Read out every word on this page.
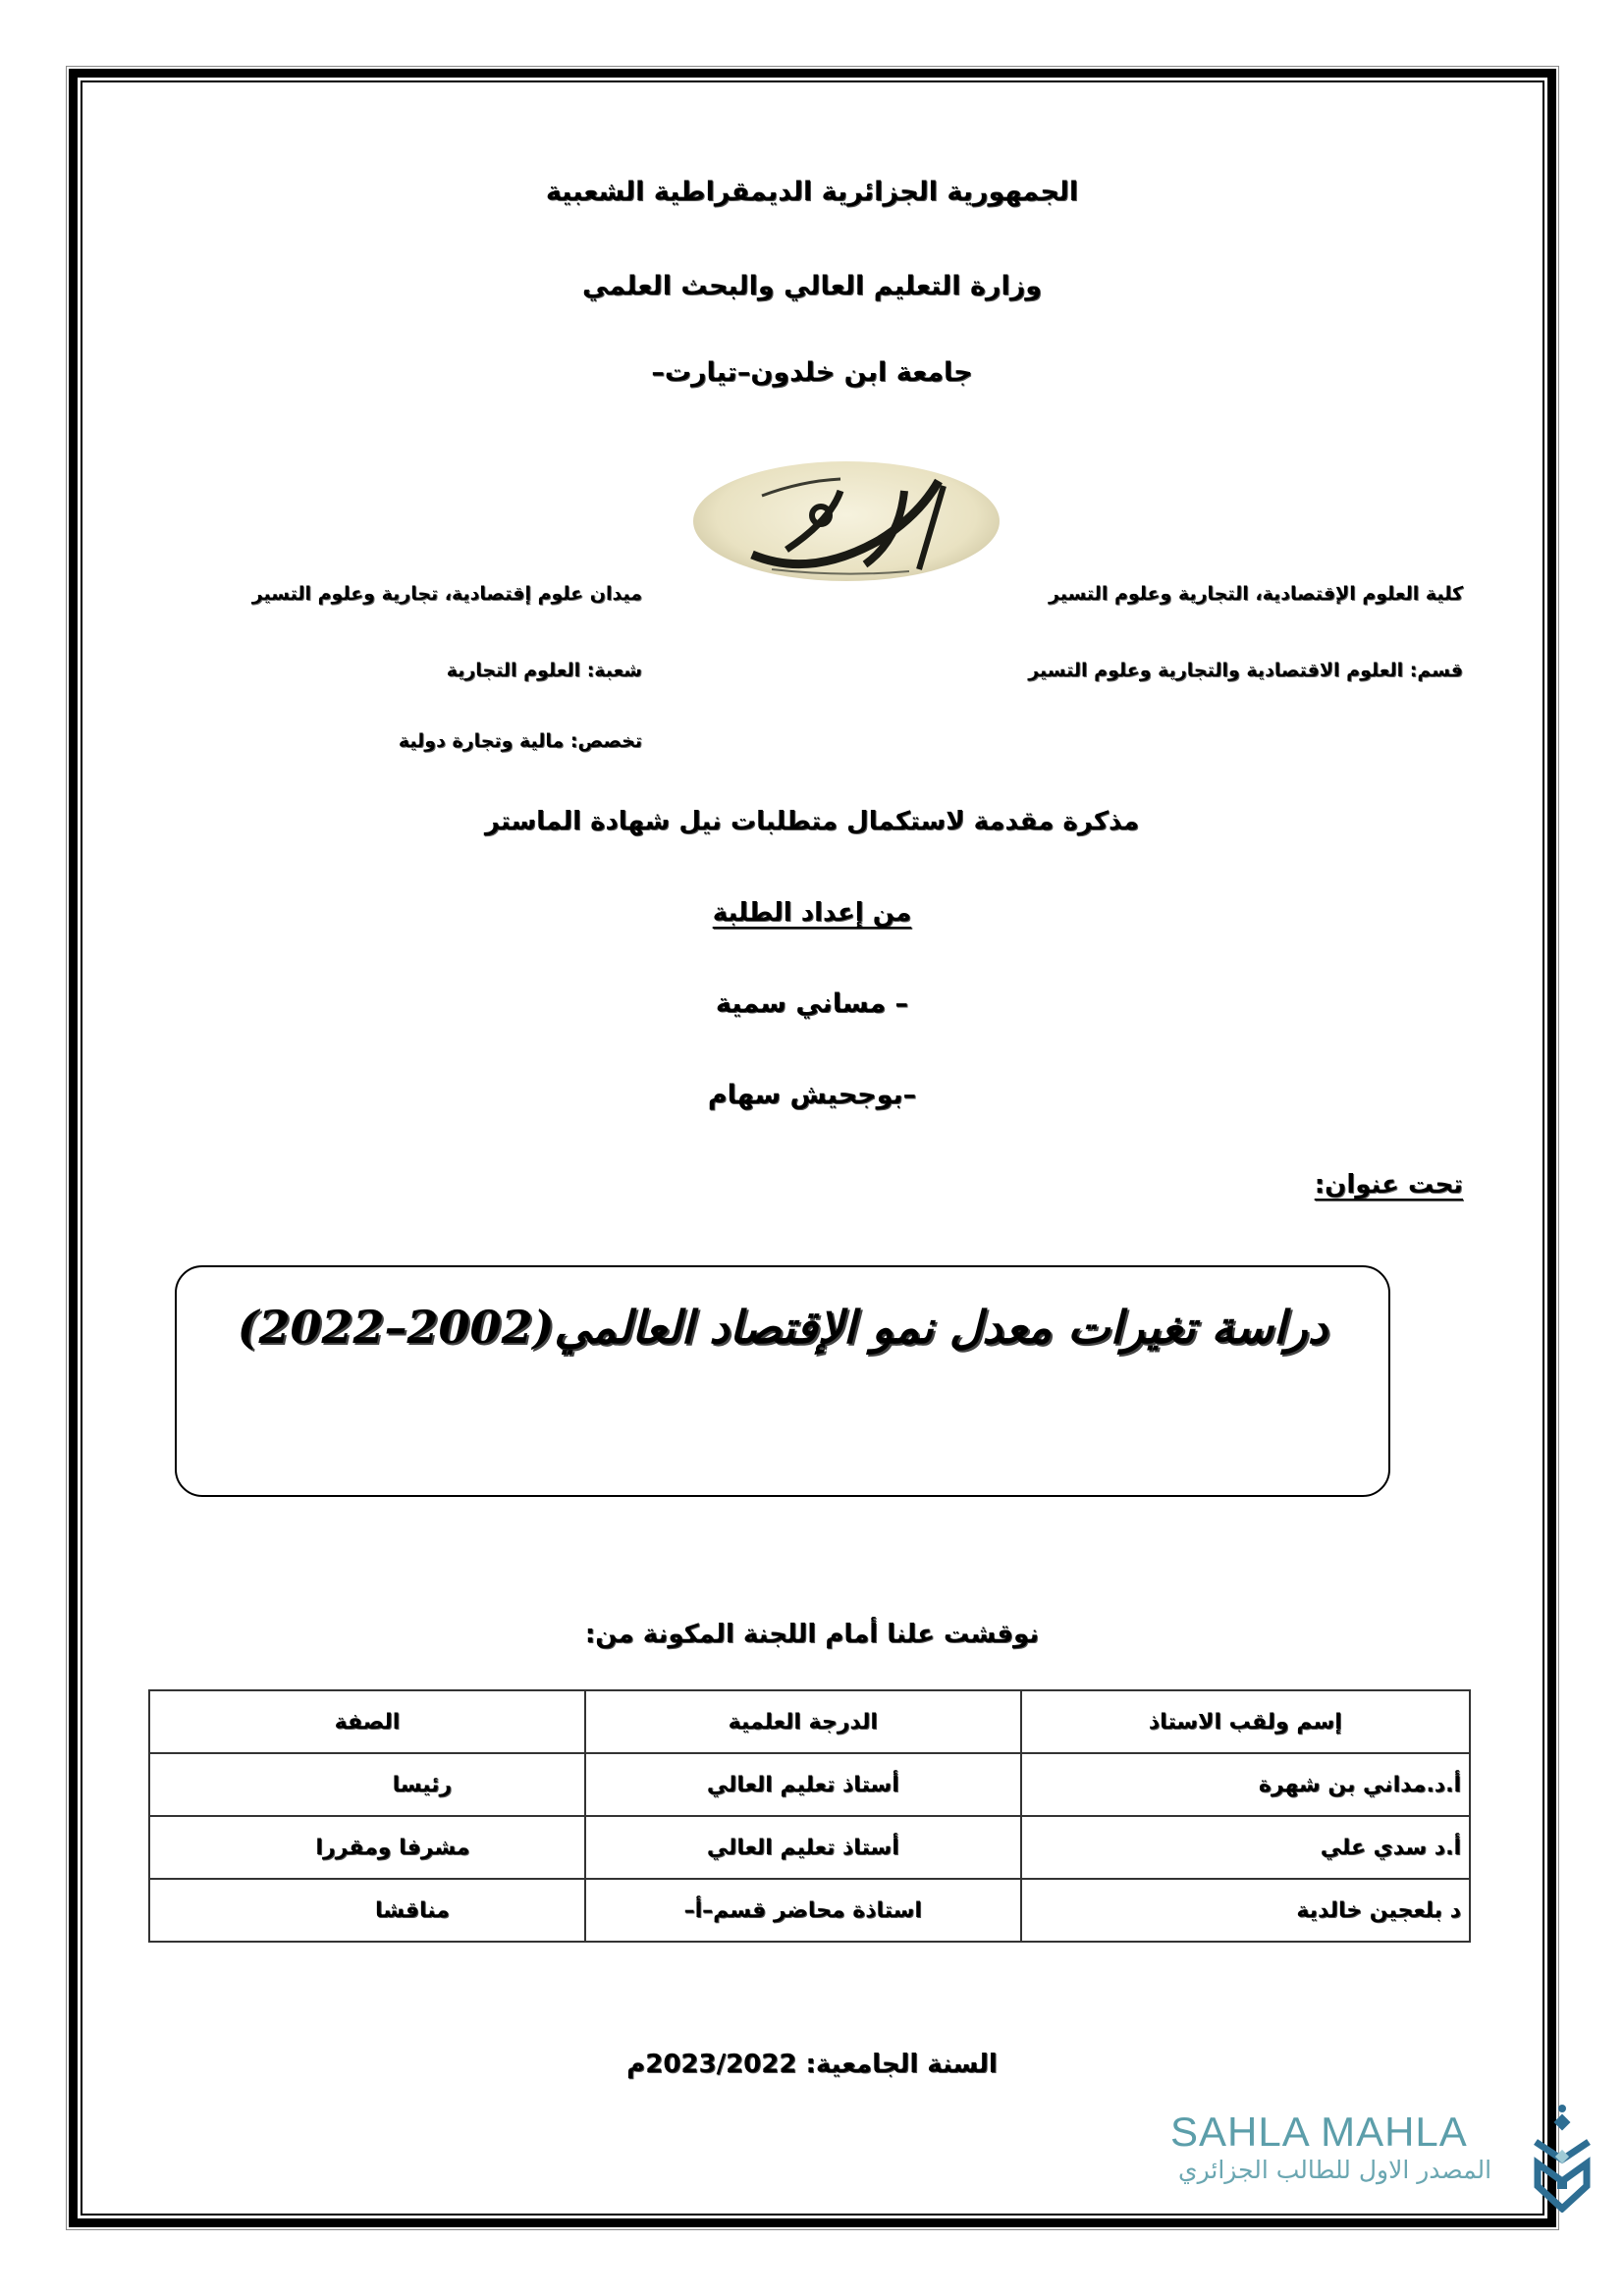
الجمهورية الجزائرية الديمقراطية الشعبية
وزارة التعليم العالي والبحث العلمي
جامعة ابن خلدون–تيارت–
كلية العلوم الإقتصادية، التجارية وعلوم التسير
ميدان علوم إقتصادية، تجارية وعلوم التسير
قسم: العلوم الاقتصادية والتجارية وعلوم التسير
شعبة: العلوم التجارية
تخصص: مالية وتجارة دولية
مذكرة مقدمة لاستكمال متطلبات نيل شهادة الماستر
من إعداد الطلبة
– مساني سمية
–بوجحيش سهام
تحت عنوان:
دراسة تغيرات معدل نمو الإقتصاد العالمي(2002–2022)
نوقشت علنا أمام اللجنة المكونة من:
إسم ولقب الاستاذ	الدرجة العلمية	الصفة
أ.د.مداني بن شهرة	أستاذ تعليم العالي	رئيسا
أ.د سدي علي	أستاذ تعليم العالي	مشرفا ومقررا
د بلعجين خالدية	استاذة محاضر قسم–أ–	مناقشا
السنة الجامعية: 2023/2022م
SAHLA MAHLA
المصدر الاول للطالب الجزائري
